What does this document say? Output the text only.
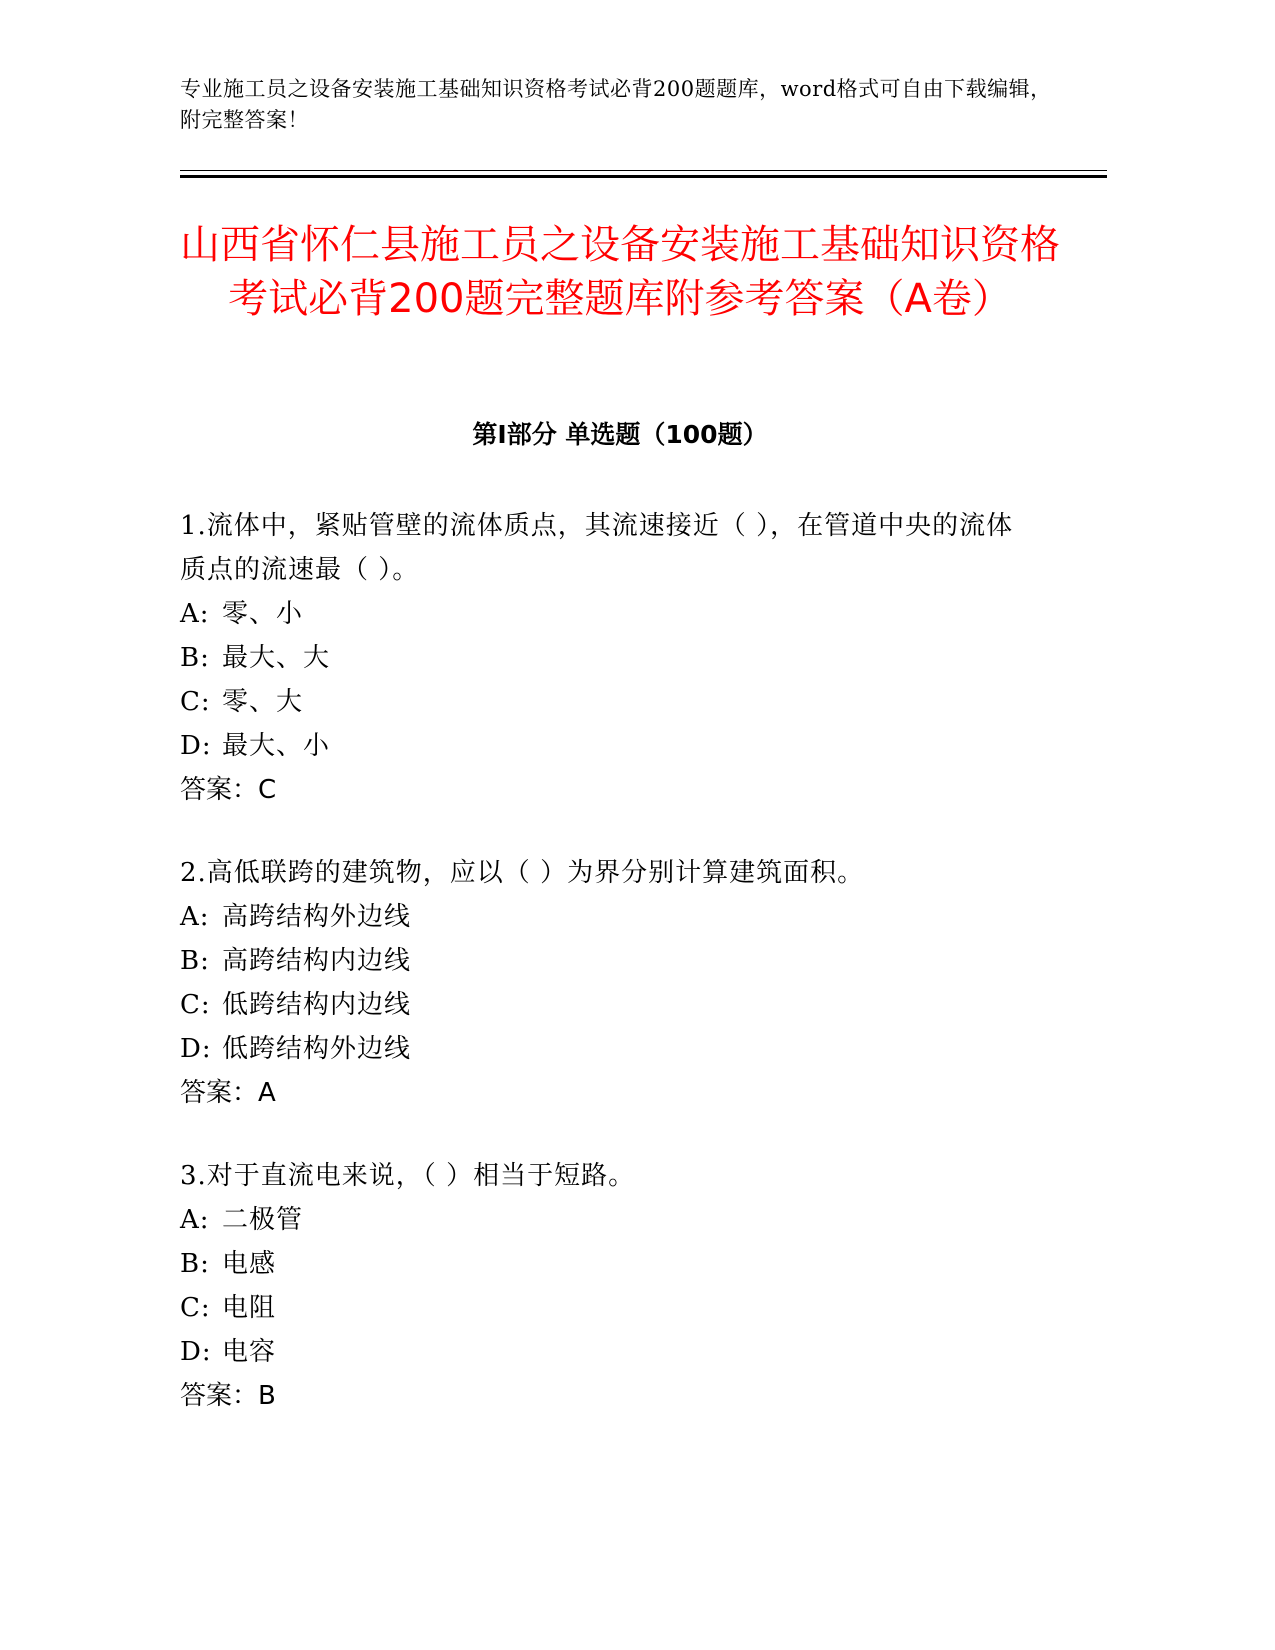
专业施工员之设备安装施工基础知识资格考试必背200题题库，word格式可自由下载编辑，附完整答案！
山西省怀仁县施工员之设备安装施工基础知识资格考试必背200题完整题库附参考答案（A卷）
第Ⅰ部分 单选题（100题）

1.流体中，紧贴管壁的流体质点，其流速接近（ ），在管道中央的流体质点的流速最（ ）。

A: 零、小

B: 最大、大

C: 零、大

D: 最大、小

答案：C

2.高低联跨的建筑物，应以（ ）为界分别计算建筑面积。

A: 高跨结构外边线

B: 高跨结构内边线

C: 低跨结构内边线

D: 低跨结构外边线

答案：A

3.对于直流电来说，（ ）相当于短路。

A: 二极管

B: 电感

C: 电阻

D: 电容

答案：B
